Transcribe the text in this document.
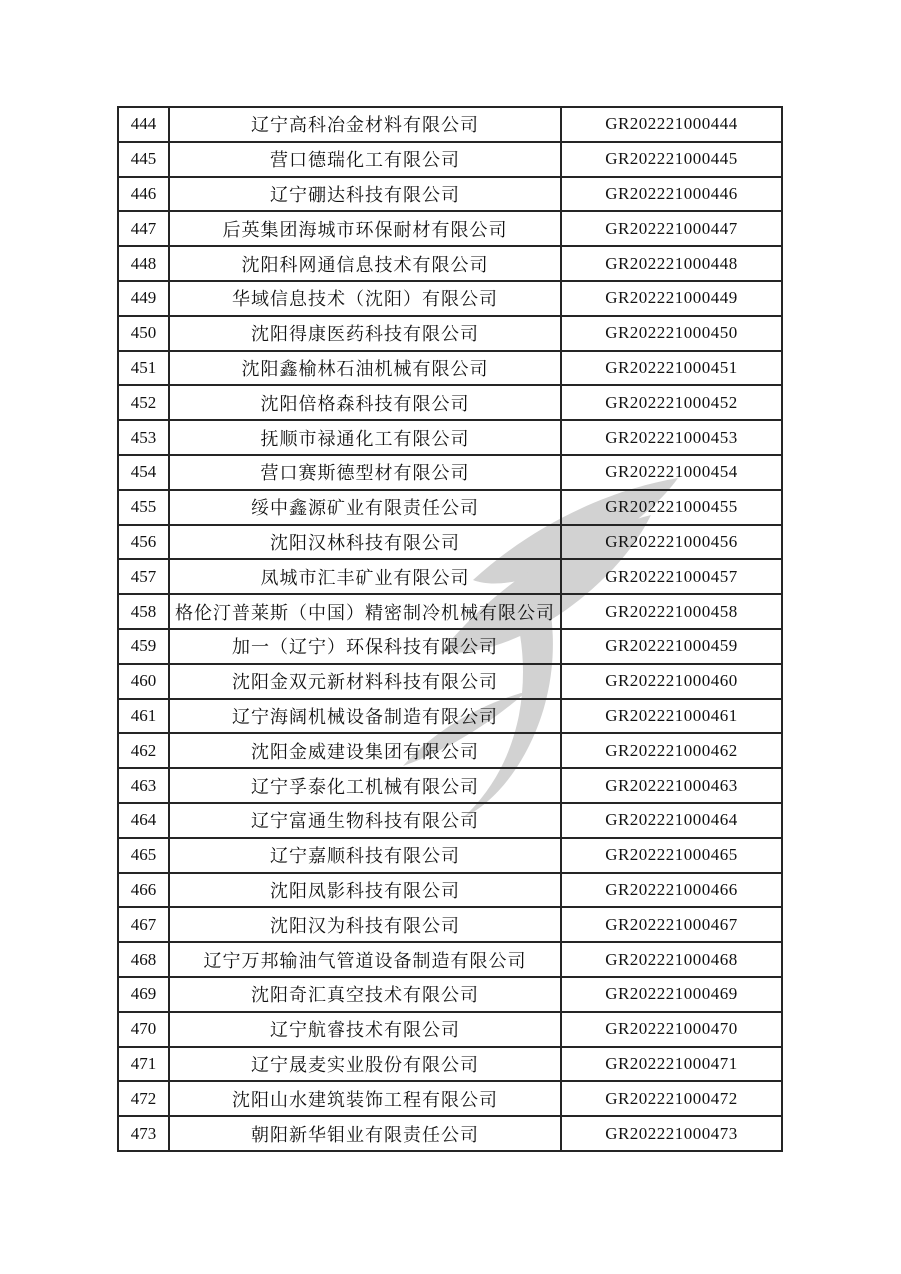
444	辽宁高科冶金材料有限公司	GR202221000444
445	营口德瑞化工有限公司	GR202221000445
446	辽宁硼达科技有限公司	GR202221000446
447	后英集团海城市环保耐材有限公司	GR202221000447
448	沈阳科网通信息技术有限公司	GR202221000448
449	华域信息技术（沈阳）有限公司	GR202221000449
450	沈阳得康医药科技有限公司	GR202221000450
451	沈阳鑫榆林石油机械有限公司	GR202221000451
452	沈阳倍格森科技有限公司	GR202221000452
453	抚顺市禄通化工有限公司	GR202221000453
454	营口赛斯德型材有限公司	GR202221000454
455	绥中鑫源矿业有限责任公司	GR202221000455
456	沈阳汉林科技有限公司	GR202221000456
457	凤城市汇丰矿业有限公司	GR202221000457
458	格伦汀普莱斯（中国）精密制冷机械有限公司	GR202221000458
459	加一（辽宁）环保科技有限公司	GR202221000459
460	沈阳金双元新材料科技有限公司	GR202221000460
461	辽宁海阔机械设备制造有限公司	GR202221000461
462	沈阳金威建设集团有限公司	GR202221000462
463	辽宁孚泰化工机械有限公司	GR202221000463
464	辽宁富通生物科技有限公司	GR202221000464
465	辽宁嘉顺科技有限公司	GR202221000465
466	沈阳凤影科技有限公司	GR202221000466
467	沈阳汉为科技有限公司	GR202221000467
468	辽宁万邦输油气管道设备制造有限公司	GR202221000468
469	沈阳奇汇真空技术有限公司	GR202221000469
470	辽宁航睿技术有限公司	GR202221000470
471	辽宁晟麦实业股份有限公司	GR202221000471
472	沈阳山水建筑装饰工程有限公司	GR202221000472
473	朝阳新华钼业有限责任公司	GR202221000473
